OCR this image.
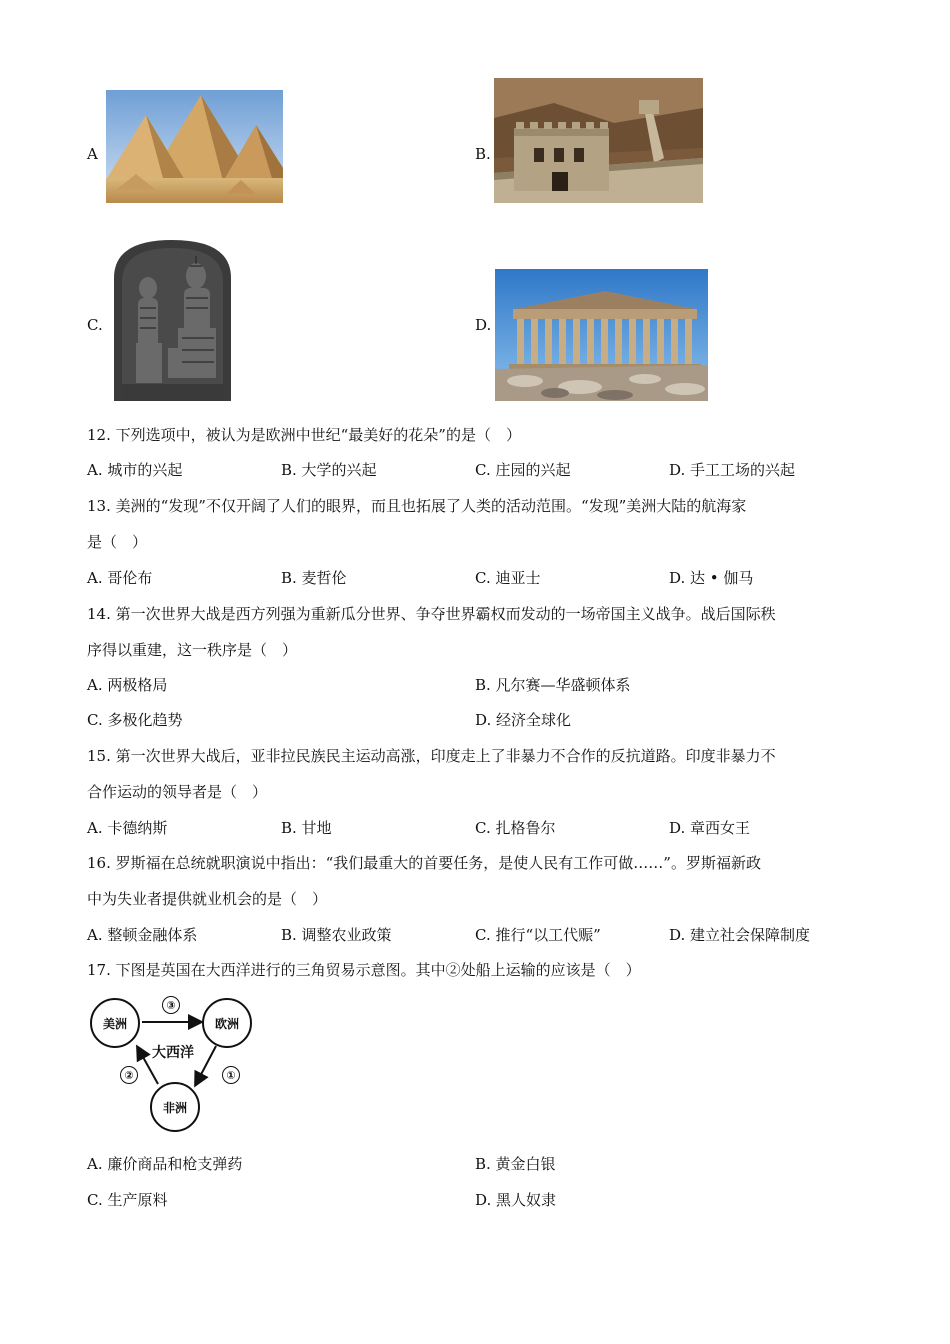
A	B.
C.	D.
12. 下列选项中，被认为是欧洲中世纪“最美好的花朵”的是（　）
A. 城市的兴起	B. 大学的兴起	C. 庄园的兴起	D. 手工工场的兴起
13. 美洲的“发现”不仅开阔了人们的眼界，而且也拓展了人类的活动范围。“发现”美洲大陆的航海家
是（　）
A. 哥伦布	B. 麦哲伦	C. 迪亚士	D. 达 • 伽马
14. 第一次世界大战是西方列强为重新瓜分世界、争夺世界霸权而发动的一场帝国主义战争。战后国际秩
序得以重建，这一秩序是（　）
A. 两极格局	B. 凡尔赛—华盛顿体系
C. 多极化趋势	D. 经济全球化
15. 第一次世界大战后，亚非拉民族民主运动高涨，印度走上了非暴力不合作的反抗道路。印度非暴力不
合作运动的领导者是（　）
A. 卡德纳斯	B. 甘地	C. 扎格鲁尔	D. 章西女王
16. 罗斯福在总统就职演说中指出：“我们最重大的首要任务，是使人民有工作可做……”。罗斯福新政
中为失业者提供就业机会的是（　）
A. 整顿金融体系	B. 调整农业政策	C. 推行“以工代赈”	D. 建立社会保障制度
17. 下图是英国在大西洋进行的三角贸易示意图。其中②处船上运输的应该是（　）
美洲	欧洲
非洲
大西洋
③
①
②
A. 廉价商品和枪支弹药	B. 黄金白银
C. 生产原料	D. 黑人奴隶
